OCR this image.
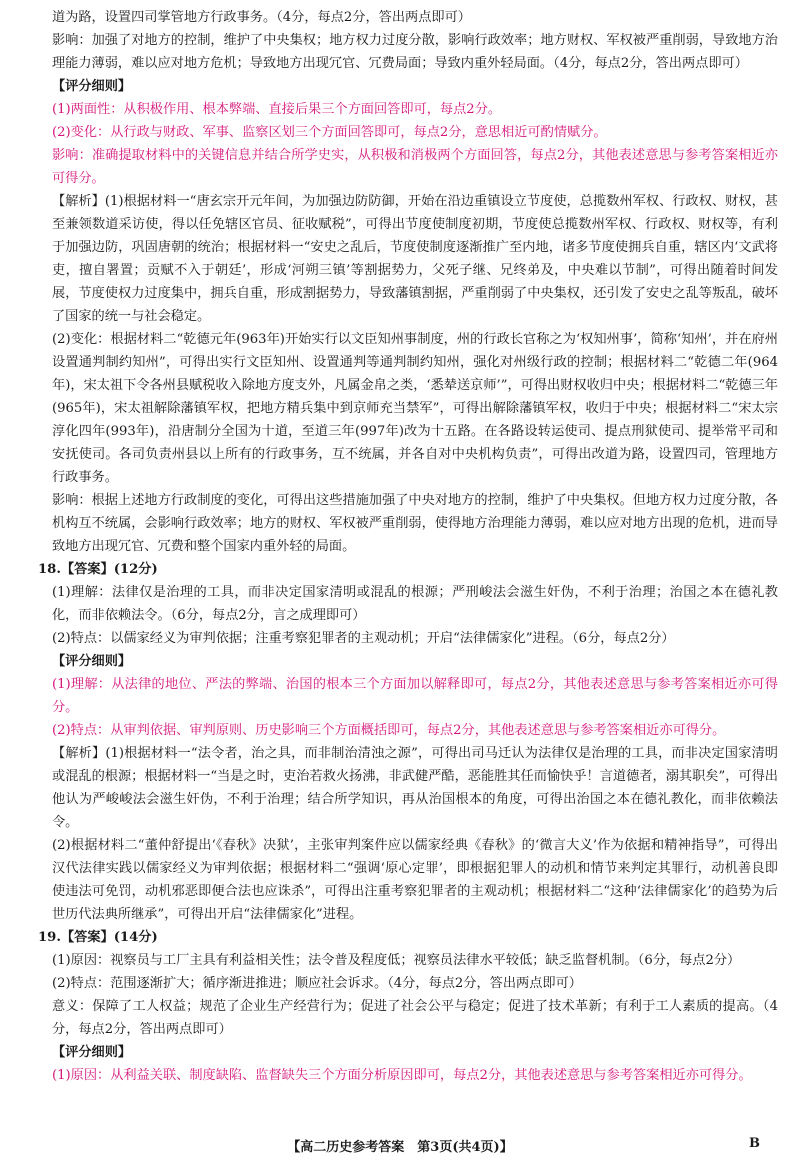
道为路，设置四司掌管地方行政事务。（4分，每点2分，答出两点即可）

影响：加强了对地方的控制，维护了中央集权；地方权力过度分散，影响行政效率；地方财权、军权被严重削弱，导致地方治理能力薄弱，难以应对地方危机；导致地方出现冗官、冗费局面；导致内重外轻局面。（4分，每点2分，答出两点即可）

【评分细则】

(1)两面性：从积极作用、根本弊端、直接后果三个方面回答即可，每点2分。

(2)变化：从行政与财政、军事、监察区划三个方面回答即可，每点2分，意思相近可酌情赋分。

影响：准确提取材料中的关键信息并结合所学史实，从积极和消极两个方面回答，每点2分，其他表述意思与参考答案相近亦可得分。

【解析】(1)根据材料一“唐玄宗开元年间，为加强边防防御，开始在沿边重镇设立节度使，总揽数州军权、行政权、财权，甚至兼领数道采访使，得以任免辖区官员、征收赋税”，可得出节度使制度初期，节度使总揽数州军权、行政权、财权等，有利于加强边防，巩固唐朝的统治；根据材料一“安史之乱后，节度使制度逐渐推广至内地，诸多节度使拥兵自重，辖区内‘文武将吏，擅自署置；贡赋不入于朝廷’，形成‘河朔三镇’等割据势力，父死子继、兄终弟及，中央难以节制”，可得出随着时间发展，节度使权力过度集中，拥兵自重，形成割据势力，导致藩镇割据，严重削弱了中央集权，还引发了安史之乱等叛乱，破坏了国家的统一与社会稳定。

(2)变化：根据材料二“乾德元年(963年)开始实行以文臣知州事制度，州的行政长官称之为‘权知州事’，简称‘知州’，并在府州设置通判制约知州”，可得出实行文臣知州、设置通判等通判制约知州，强化对州级行政的控制；根据材料二“乾德二年(964年)，宋太祖下令各州县赋税收入除地方度支外，凡属金帛之类，‘悉辇送京师’”，可得出财权收归中央；根据材料二“乾德三年(965年)，宋太祖解除藩镇军权，把地方精兵集中到京师充当禁军”，可得出解除藩镇军权，收归于中央；根据材料二“宋太宗淳化四年(993年)，沿唐制分全国为十道，至道三年(997年)改为十五路。在各路设转运使司、提点刑狱使司、提举常平司和安抚使司。各司负责州县以上所有的行政事务，互不统属，并各自对中央机构负责”，可得出改道为路，设置四司，管理地方行政事务。

影响：根据上述地方行政制度的变化，可得出这些措施加强了中央对地方的控制，维护了中央集权。但地方权力过度分散，各机构互不统属，会影响行政效率；地方的财权、军权被严重削弱，使得地方治理能力薄弱，难以应对地方出现的危机，进而导致地方出现冗官、冗费和整个国家内重外轻的局面。

18.【答案】(12分)

(1)理解：法律仅是治理的工具，而非决定国家清明或混乱的根源；严刑峻法会滋生奸伪，不利于治理；治国之本在德礼教化，而非依赖法令。（6分，每点2分，言之成理即可）

(2)特点：以儒家经义为审判依据；注重考察犯罪者的主观动机；开启“法律儒家化”进程。（6分，每点2分）

【评分细则】

(1)理解：从法律的地位、严法的弊端、治国的根本三个方面加以解释即可，每点2分，其他表述意思与参考答案相近亦可得分。

(2)特点：从审判依据、审判原则、历史影响三个方面概括即可，每点2分，其他表述意思与参考答案相近亦可得分。

【解析】(1)根据材料一“法令者，治之具，而非制治清浊之源”，可得出司马迁认为法律仅是治理的工具，而非决定国家清明或混乱的根源；根据材料一“当是之时，吏治若救火扬沸，非武健严酷，恶能胜其任而愉快乎！言道德者，溺其职矣”，可得出他认为严峻峻法会滋生奸伪，不利于治理；结合所学知识，再从治国根本的角度，可得出治国之本在德礼教化，而非依赖法令。

(2)根据材料二“董仲舒提出‘《春秋》决狱’，主张审判案件应以儒家经典《春秋》的‘微言大义’作为依据和精神指导”，可得出汉代法律实践以儒家经义为审判依据；根据材料二“强调‘原心定罪’，即根据犯罪人的动机和情节来判定其罪行，动机善良即使违法可免罚，动机邪恶即便合法也应诛杀”，可得出注重考察犯罪者的主观动机；根据材料二“这种‘法律儒家化’的趋势为后世历代法典所继承”，可得出开启“法律儒家化”进程。

19.【答案】(14分)

(1)原因：视察员与工厂主具有利益相关性；法令普及程度低；视察员法律水平较低；缺乏监督机制。（6分，每点2分）

(2)特点：范围逐渐扩大；循序渐进推进；顺应社会诉求。（4分，每点2分，答出两点即可）

意义：保障了工人权益；规范了企业生产经营行为；促进了社会公平与稳定；促进了技术革新；有利于工人素质的提高。（4分，每点2分，答出两点即可）

【评分细则】

(1)原因：从利益关联、制度缺陷、监督缺失三个方面分析原因即可，每点2分，其他表述意思与参考答案相近亦可得分。

【高二历史参考答案　第3页(共4页)】	B
